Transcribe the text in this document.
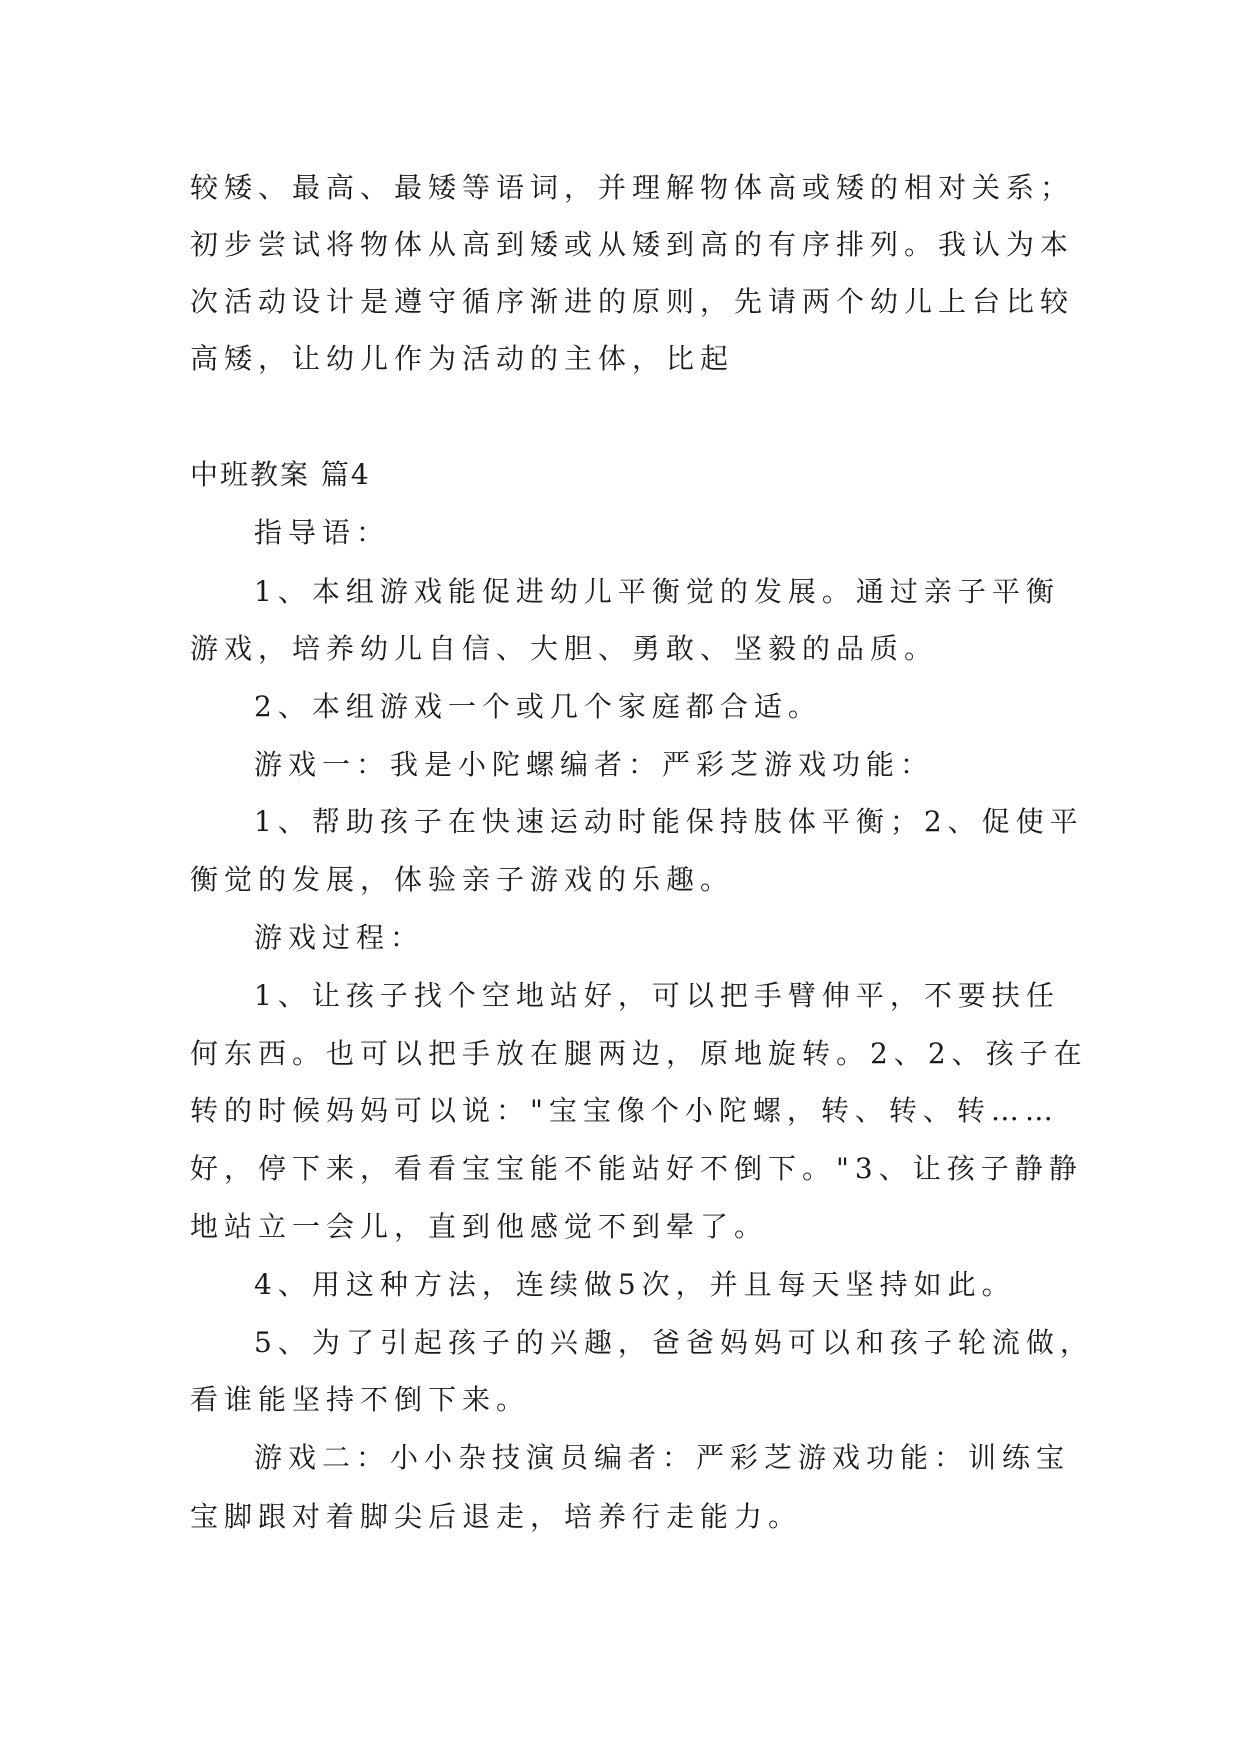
较矮、最高、最矮等语词，并理解物体高或矮的相对关系；
初步尝试将物体从高到矮或从矮到高的有序排列。我认为本
次活动设计是遵守循序渐进的原则，先请两个幼儿上台比较
高矮，让幼儿作为活动的主体，比起
中班教案 篇4
指导语：
1、本组游戏能促进幼儿平衡觉的发展。通过亲子平衡
游戏，培养幼儿自信、大胆、勇敢、坚毅的品质。
2、本组游戏一个或几个家庭都合适。
游戏一：我是小陀螺编者：严彩芝游戏功能：
1、帮助孩子在快速运动时能保持肢体平衡；2、促使平
衡觉的发展，体验亲子游戏的乐趣。
游戏过程：
1、让孩子找个空地站好，可以把手臂伸平，不要扶任
何东西。也可以把手放在腿两边，原地旋转。2、2、孩子在
转的时候妈妈可以说："宝宝像个小陀螺，转、转、转……
好，停下来，看看宝宝能不能站好不倒下。"3、让孩子静静
地站立一会儿，直到他感觉不到晕了。
4、用这种方法，连续做5次，并且每天坚持如此。
5、为了引起孩子的兴趣，爸爸妈妈可以和孩子轮流做，
看谁能坚持不倒下来。
游戏二：小小杂技演员编者：严彩芝游戏功能：训练宝
宝脚跟对着脚尖后退走，培养行走能力。
